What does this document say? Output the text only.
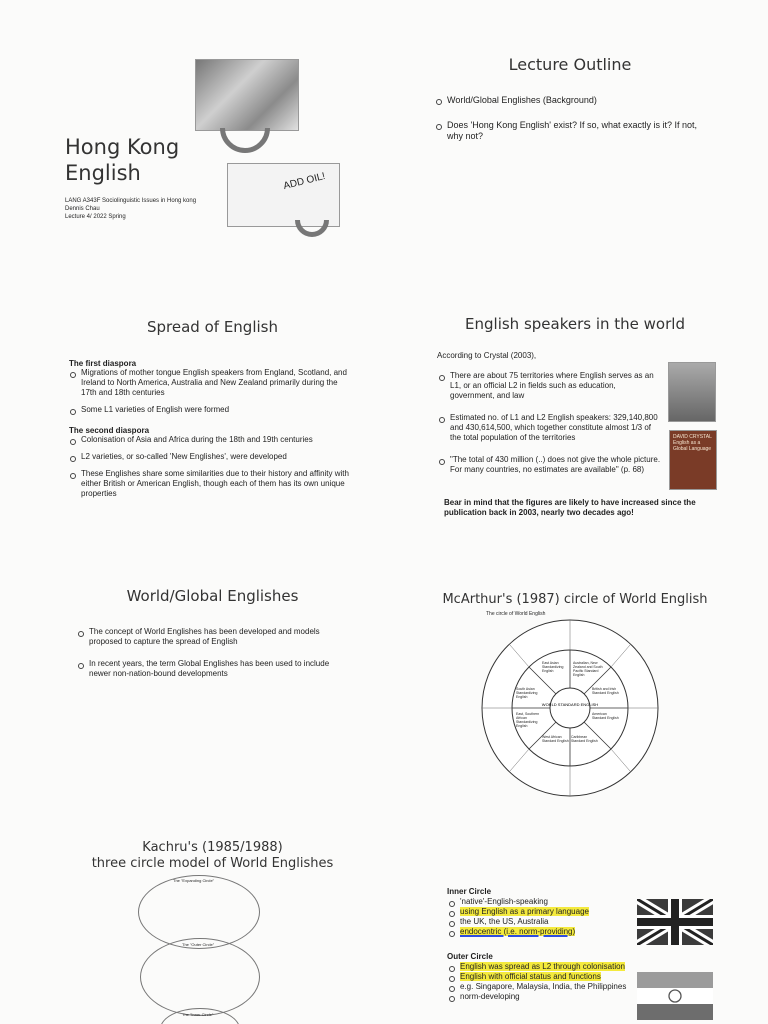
Hong Kong
English
LANG A343F Sociolinguistic Issues in Hong kong
Dennis Chau
Lecture 4/ 2022 Spring
ADD OIL!
Lecture Outline
World/Global Englishes (Background)
Does 'Hong Kong English' exist? If so, what exactly is it? If not, why not?
Spread of English
The first diaspora
Migrations of mother tongue English speakers from England, Scotland, and Ireland to North America, Australia and New Zealand primarily during the 17th and 18th centuries
Some L1 varieties of English were formed
The second diaspora
Colonisation of Asia and Africa during the 18th and 19th centuries
L2 varieties, or so-called 'New Englishes', were developed
These Englishes share some similarities due to their history and affinity with either British or American English, though each of them has its own unique properties
English speakers in the world
According to Crystal (2003),
There are about 75 territories where English serves as an L1, or an official L2 in fields such as education, government, and law
Estimated no. of L1 and L2 English speakers: 329,140,800 and 430,614,500, which together constitute almost 1/3 of the total population of the territories
"The total of 430 million (..) does not give the whole picture. For many countries, no estimates are available" (p. 68)
Bear in mind that the figures are likely to have increased since the publication back in 2003, nearly two decades ago!
DAVID CRYSTAL English as a Global Language
World/Global Englishes
The concept of World Englishes has been developed and models proposed to capture the spread of English
In recent years, the term Global Englishes has been used to include newer non-nation-bound developments
McArthur's (1987) circle of World English
The circle of World English
WORLD STANDARD ENGLISH
East Asian Standardizing English
Australian, New Zealand and South Pacific Standard English
British and Irish Standard English
American Standard English
Caribbean Standard English
West African Standard English
East, Southern African Standardizing English
South Asian Standardizing English
Kachru's (1985/1988)
three circle model of World Englishes
The "Expanding Circle"
The "Outer Circle"
The "Inner Circle"
Inner Circle
'native'-English-speaking
using English as a primary language
the UK, the US, Australia
endocentric (i.e. norm-providing)
Outer Circle
English was spread as L2 through colonisation
English with official status and functions
e.g. Singapore, Malaysia, India, the Philippines
norm-developing
